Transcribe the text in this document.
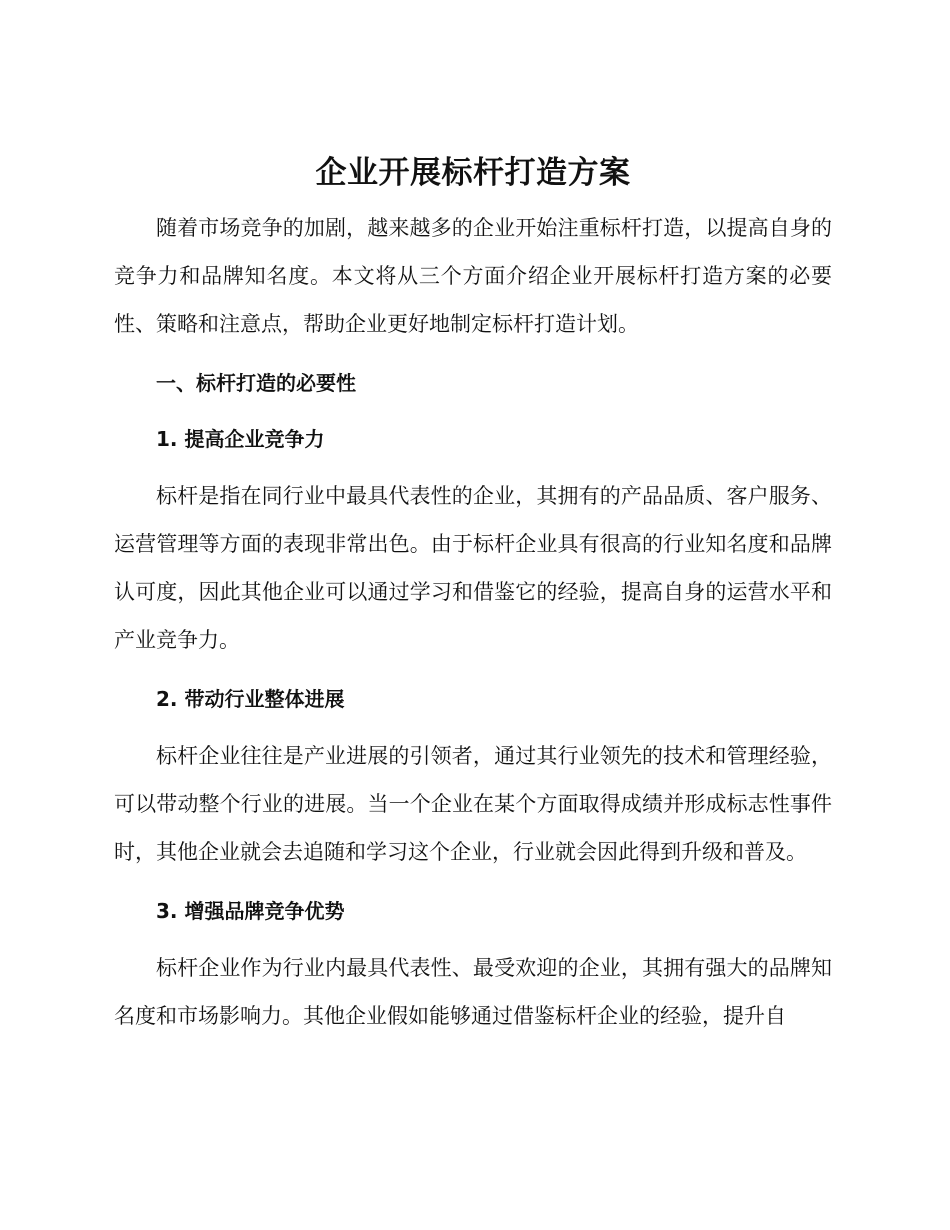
企业开展标杆打造方案

随着市场竞争的加剧，越来越多的企业开始注重标杆打造，以提高自身的竞争力和品牌知名度。本文将从三个方面介绍企业开展标杆打造方案的必要性、策略和注意点，帮助企业更好地制定标杆打造计划。

一、标杆打造的必要性
1. 提高企业竞争力

标杆是指在同行业中最具代表性的企业，其拥有的产品品质、客户服务、运营管理等方面的表现非常出色。由于标杆企业具有很高的行业知名度和品牌认可度，因此其他企业可以通过学习和借鉴它的经验，提高自身的运营水平和产业竞争力。

2. 带动行业整体进展

标杆企业往往是产业进展的引领者，通过其行业领先的技术和管理经验，可以带动整个行业的进展。当一个企业在某个方面取得成绩并形成标志性事件时，其他企业就会去追随和学习这个企业，行业就会因此得到升级和普及。

3. 增强品牌竞争优势

标杆企业作为行业内最具代表性、最受欢迎的企业，其拥有强大的品牌知名度和市场影响力。其他企业假如能够通过借鉴标杆企业的经验，提升自
